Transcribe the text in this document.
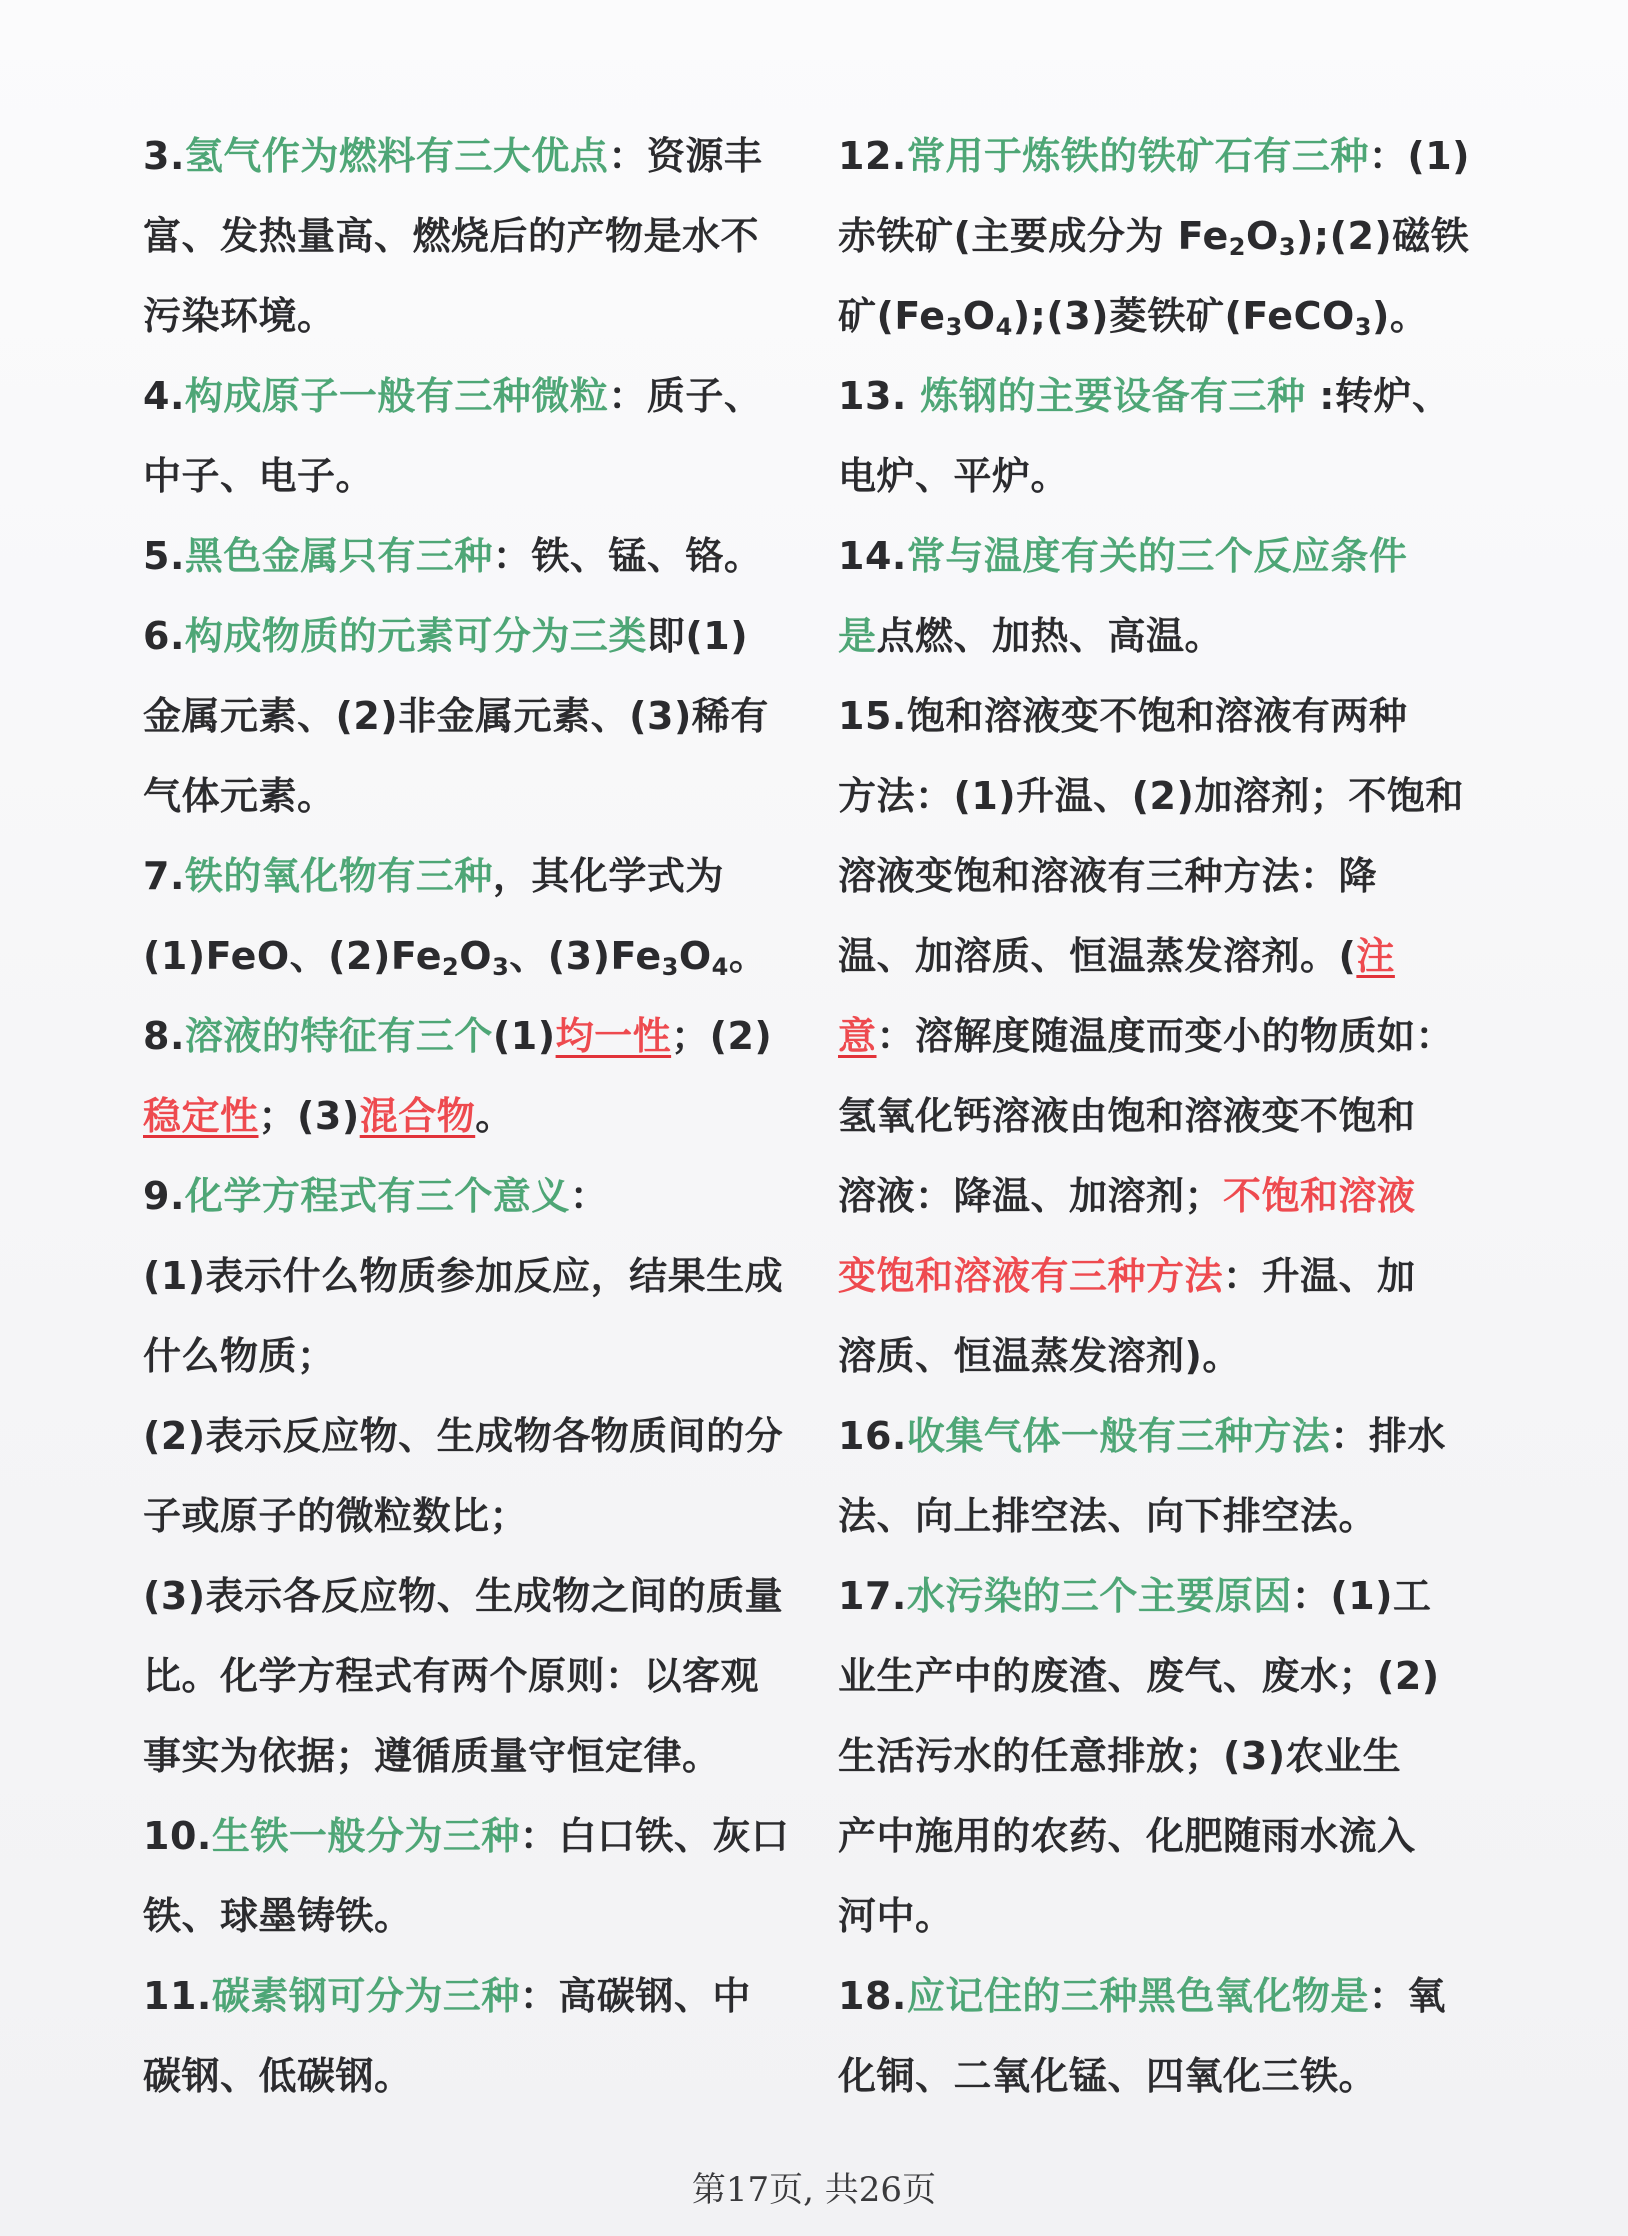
3.氢气作为燃料有三大优点：资源丰
富、发热量高、燃烧后的产物是水不
污染环境。
4.构成原子一般有三种微粒：质子、
中子、电子。
5.黑色金属只有三种：铁、锰、铬。
6.构成物质的元素可分为三类即(1)
金属元素、(2)非金属元素、(3)稀有
气体元素。
7.铁的氧化物有三种，其化学式为
(1)FeO、$(2)Fe_2O_3$、$(3)Fe_3O_4$。
8.溶液的特征有三个(1)均一性；(2)
稳定性；(3)混合物。
9.化学方程式有三个意义：
(1)表示什么物质参加反应，结果生成
什么物质；
(2)表示反应物、生成物各物质间的分
子或原子的微粒数比；
(3)表示各反应物、生成物之间的质量
比。化学方程式有两个原则：以客观
事实为依据；遵循质量守恒定律。
10.生铁一般分为三种：白口铁、灰口
铁、球墨铸铁。
11.碳素钢可分为三种：高碳钢、中
碳钢、低碳钢。
12.常用于炼铁的铁矿石有三种：(1)
赤铁矿(主要成分为 $Fe_2O_3);(2)$磁铁
矿$(Fe_3O_4);(3)$菱铁矿(FeCO$_3$)。
13. 炼钢的主要设备有三种 :转炉、
电炉、平炉。
14.常与温度有关的三个反应条件
是点燃、加热、高温。
15.饱和溶液变不饱和溶液有两种
方法：(1)升温、(2)加溶剂；不饱和
溶液变饱和溶液有三种方法：降
温、加溶质、恒温蒸发溶剂。(注
意：溶解度随温度而变小的物质如：
氢氧化钙溶液由饱和溶液变不饱和
溶液：降温、加溶剂；不饱和溶液
变饱和溶液有三种方法：升温、加
溶质、恒温蒸发溶剂)。
16.收集气体一般有三种方法：排水
法、向上排空法、向下排空法。
17.水污染的三个主要原因：(1)工
业生产中的废渣、废气、废水；(2)
生活污水的任意排放；(3)农业生
产中施用的农药、化肥随雨水流入
河中。
18.应记住的三种黑色氧化物是：氧
化铜、二氧化锰、四氧化三铁。
第17页, 共26页
